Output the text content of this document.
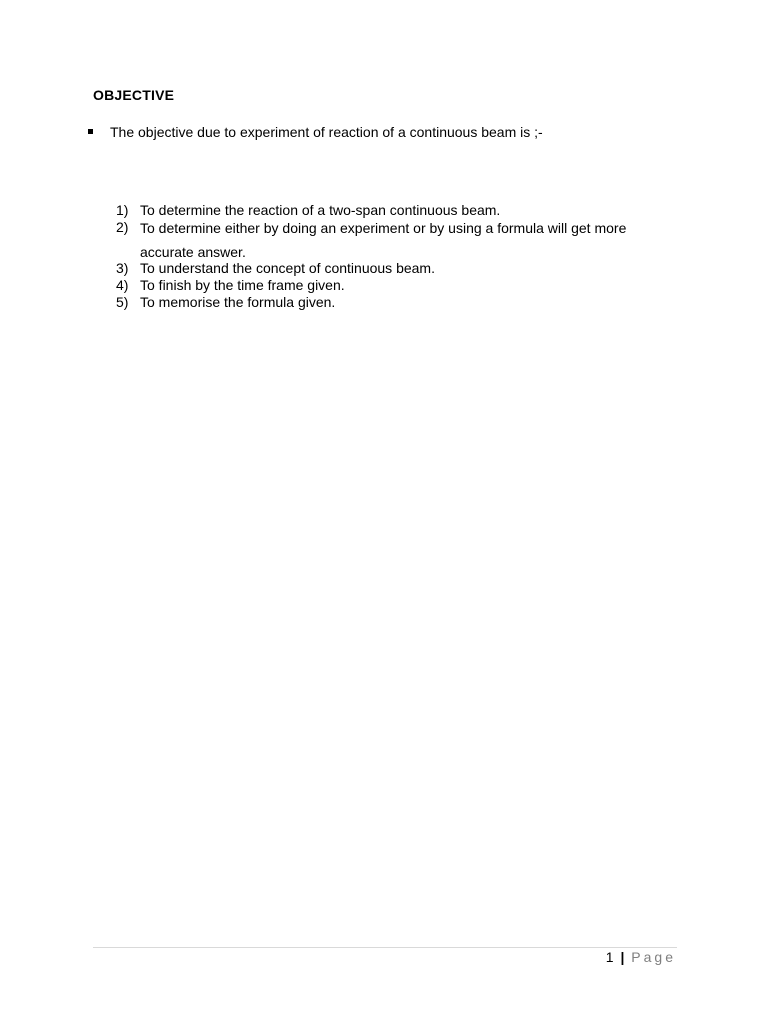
OBJECTIVE
The objective due to experiment of reaction of a continuous beam is ;-
1) To determine the reaction of a two-span continuous beam.
2) To determine either by doing an experiment or by using a formula will get more accurate answer.
3) To understand the concept of continuous beam.
4) To finish by the time frame given.
5) To memorise the formula given.
1 | Page
